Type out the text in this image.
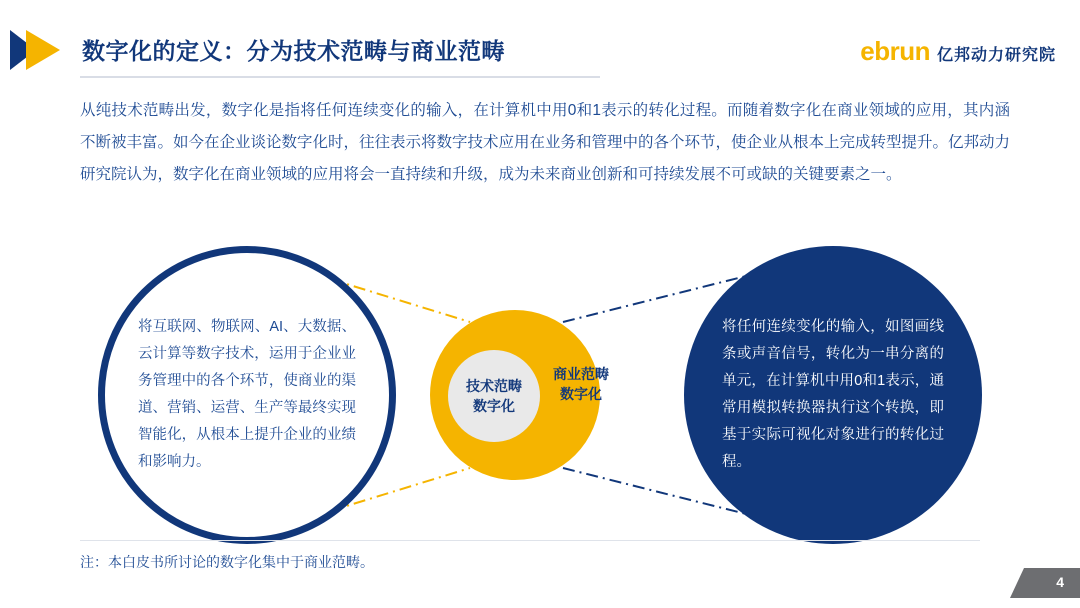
数字化的定义：分为技术范畴与商业范畴	ebrun 亿邦动力研究院
从纯技术范畴出发，数字化是指将任何连续变化的输入，在计算机中用0和1表示的转化过程。而随着数字化在商业领域的应用，其内涵不断被丰富。如今在企业谈论数字化时，往往表示将数字技术应用在业务和管理中的各个环节，使企业从根本上完成转型提升。亿邦动力研究院认为，数字化在商业领域的应用将会一直持续和升级，成为未来商业创新和可持续发展不可或缺的关键要素之一。
将互联网、物联网、AI、大数据、云计算等数字技术，运用于企业业务管理中的各个环节，使商业的渠道、营销、运营、生产等最终实现智能化，从根本上提升企业的业绩和影响力。
商业范畴
数字化
技术范畴
数字化
将任何连续变化的输入，如图画线条或声音信号，转化为一串分离的单元，在计算机中用0和1表示，通常用模拟转换器执行这个转换，即基于实际可视化对象进行的转化过程。
注：本白皮书所讨论的数字化集中于商业范畴。
4
